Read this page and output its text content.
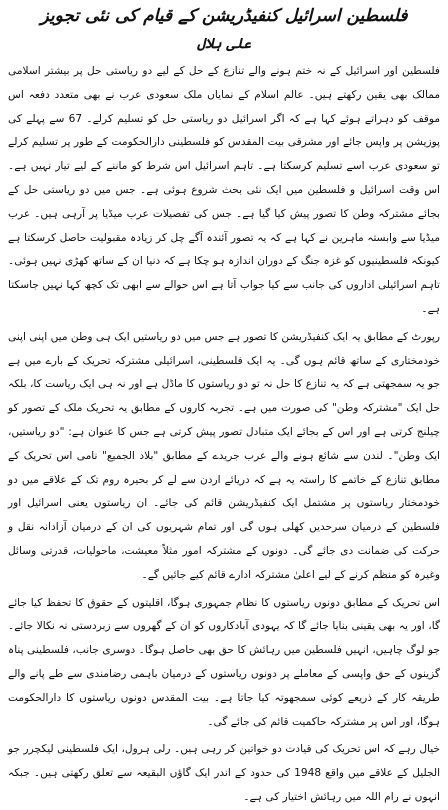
فلسطین اسرائیل کنفیڈریشن کے قیام کی نئی تجویز
علی ہلال

فلسطین اور اسرائیل کے نہ ختم ہونے والے تنازع کے حل کے لیے دو ریاستی حل پر بیشتر اسلامی ممالک بھی یقین رکھتے ہیں۔ عالم اسلام کے نمایاں ملک سعودی عرب نے بھی متعدد دفعہ اس موقف کو دہراتے ہوئے کہا ہے کہ اگر اسرائیل دو ریاستی حل کو تسلیم کرلے۔ 67 سے پہلے کی پوزیشن پر واپس جائے اور مشرقی بیت المقدس کو فلسطینی دارالحکومت کے طور پر تسلیم کرلے تو سعودی عرب اسے تسلیم کرسکتا ہے۔ تاہم اسرائیل اس شرط کو ماننے کے لیے تیار نہیں ہے۔ اس وقت اسرائیل و فلسطین میں ایک نئی بحث شروع ہوئی ہے۔ جس میں دو ریاستی حل کے بجائے مشترکہ وطن کا تصور پیش کیا گیا ہے۔ جس کی تفصیلات عرب میڈیا پر آرہی ہیں۔ عرب میڈیا سے وابستہ ماہرین نے کہا ہے کہ یہ تصور آئندہ آگے چل کر زیادہ مقبولیت حاصل کرسکتا ہے کیونکہ فلسطینیوں کو غزہ جنگ کے دوران اندازہ ہو چکا ہے کہ دنیا ان کے ساتھ کھڑی نہیں ہوئی۔ تاہم اسرائیلی اداروں کی جانب سے کیا جواب آتا ہے اس حوالے سے ابھی تک کچھ کہا نہیں جاسکتا ہے۔

رپورٹ کے مطابق یہ ایک کنفیڈریشن کا تصور ہے جس میں دو ریاستیں ایک ہی وطن میں اپنی اپنی خودمختاری کے ساتھ قائم ہوں گی۔ یہ ایک فلسطینی، اسرائیلی مشترکہ تحریک کے بارے میں ہے جو یہ سمجھتی ہے کہ یہ تنازع کا حل نہ تو دو ریاستوں کا ماڈل ہے اور نہ ہی ایک ریاست کا، بلکہ حل ایک "مشترکہ وطن" کی صورت میں ہے۔ تجربہ کاروں کے مطابق یہ تحریک ملک کے تصور کو چیلنج کرتی ہے اور اس کے بجائے ایک متبادل تصور پیش کرتی ہے جس کا عنوان ہے: "دو ریاستیں، ایک وطن"۔ لندن سے شائع ہونے والے عرب جریدے کے مطابق "بلاد الجمیع" نامی اس تحریک کے مطابق تنازع کے خاتمے کا راستہ یہ ہے کہ دریائے اردن سے لے کر بحیرہ روم تک کے علاقے میں دو خودمختار ریاستوں پر مشتمل ایک کنفیڈریشن قائم کی جائے۔ ان ریاستوں یعنی اسرائیل اور فلسطین کے درمیان سرحدیں کھلی ہوں گی اور تمام شہریوں کی ان کے درمیان آزادانہ نقل و حرکت کی ضمانت دی جائے گی۔ دونوں کے مشترکہ امور مثلاً معیشت، ماحولیات، قدرتی وسائل وغیرہ کو منظم کرنے کے لیے اعلیٰ مشترکہ ادارے قائم کیے جائیں گے۔

اس تحریک کے مطابق دونوں ریاستوں کا نظام جمہوری ہوگا، اقلیتوں کے حقوق کا تحفظ کیا جائے گا، اور یہ بھی یقینی بنایا جائے گا کہ یہودی آبادکاروں کو ان کے گھروں سے زبردستی نہ نکالا جائے۔ جو لوگ چاہیں، انہیں فلسطین میں رہائش کا حق بھی حاصل ہوگا۔ دوسری جانب، فلسطینی پناہ گزینوں کے حق واپسی کے معاملے پر دونوں ریاستوں کے درمیان باہمی رضامندی سے طے پانے والے طریقہ کار کے ذریعے کوئی سمجھوتہ کیا جاتا ہے۔ بیت المقدس دونوں ریاستوں کا دارالحکومت ہوگا، اور اس پر مشترکہ حاکمیت قائم کی جائے گی۔

خیال رہے کہ اس تحریک کی قیادت دو خواتین کر رہی ہیں۔ رلی ہرول، ایک فلسطینی لیکچرر جو الجلیل کے علاقے میں واقع 1948 کی حدود کے اندر ایک گاؤں البقیعہ سے تعلق رکھتی ہیں۔ جبکہ انہوں نے رام اللہ میں رہائش اختیار کی ہے۔
